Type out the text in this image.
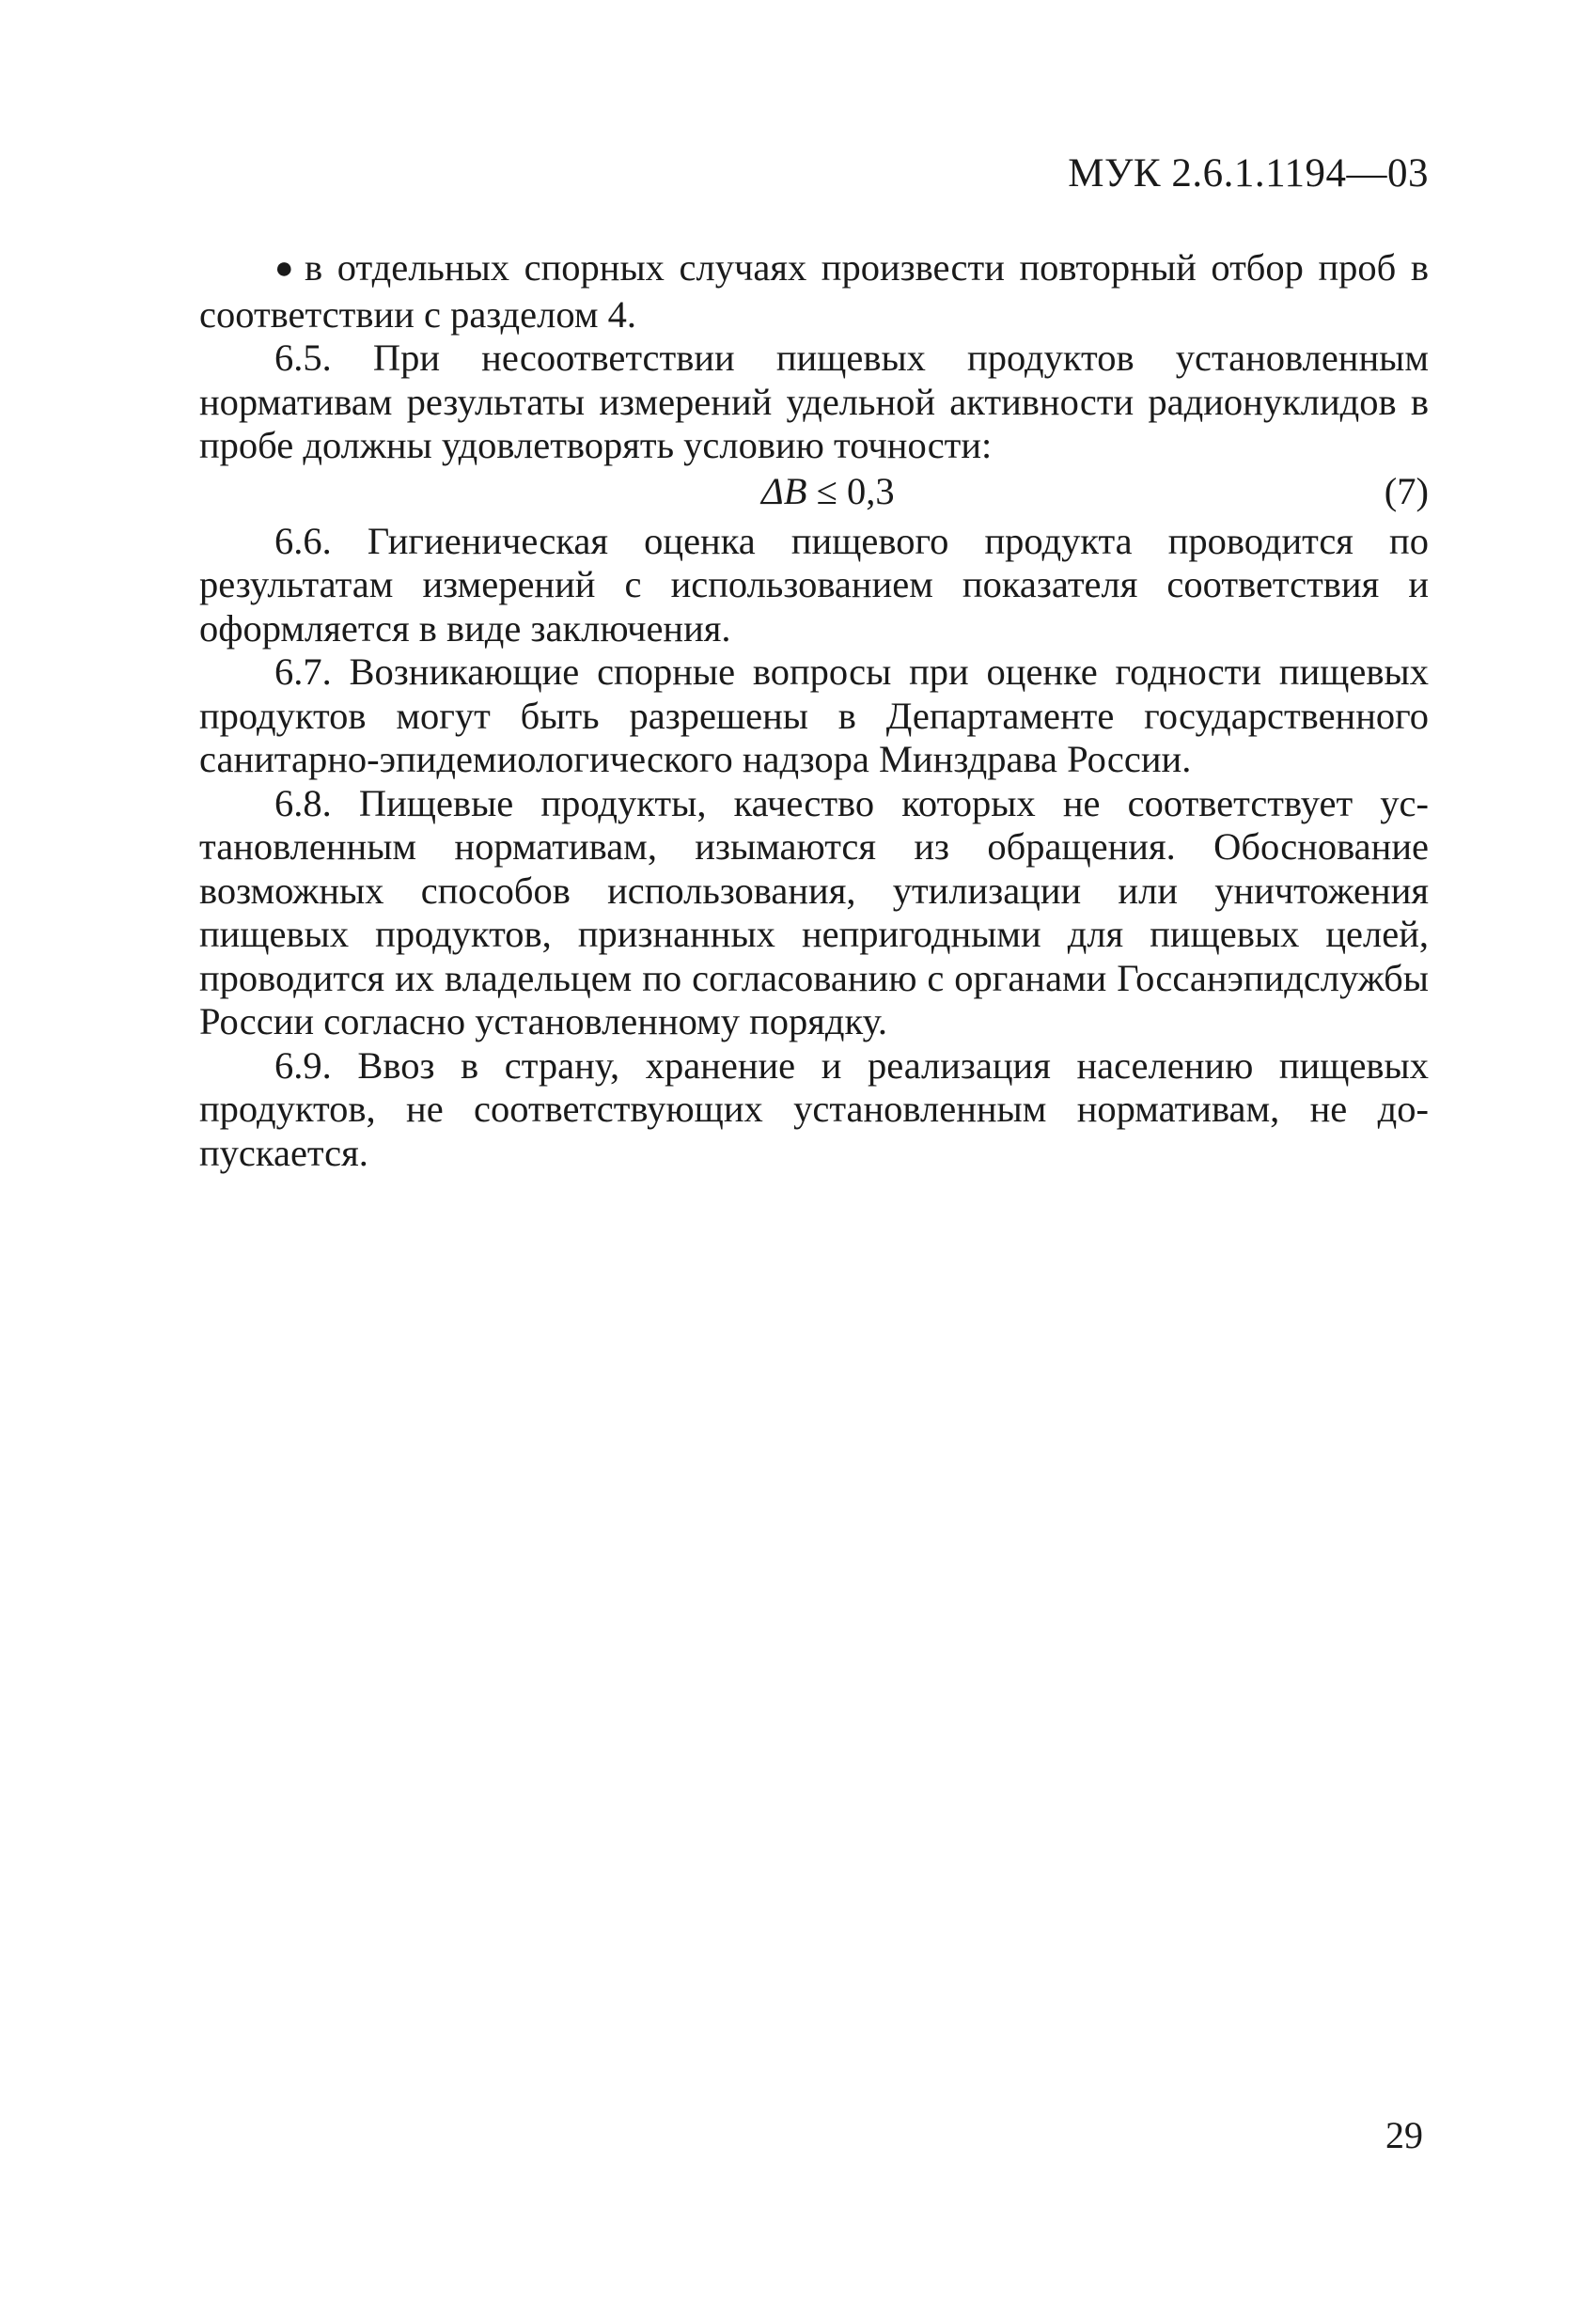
МУК 2.6.1.1194—03

● в отдельных спорных случаях произвести повторный отбор проб в соответствии с разделом 4.

6.5. При несоответствии пищевых продуктов установленным нормативам результаты измерений удельной активности радионуклидов в пробе должны удовлетворять условию точности:

ΔB ≤ 0,3	(7)

6.6. Гигиеническая оценка пищевого продукта проводится по результатам измерений с использованием показателя соответствия и оформляется в виде заключения.

6.7. Возникающие спорные вопросы при оценке годности пищевых продуктов могут быть разрешены в Департаменте государственного санитарно-эпидемиологического надзора Минздрава России.

6.8. Пищевые продукты, качество которых не соответствует установленным нормативам, изымаются из обращения. Обоснование возможных способов использования, утилизации или уничтожения пищевых продуктов, признанных непригодными для пищевых целей, проводится их владельцем по согласованию с органами Госсанэпидслужбы России согласно установленному порядку.

6.9. Ввоз в страну, хранение и реализация населению пищевых продуктов, не соответствующих установленным нормативам, не допускается.

29
